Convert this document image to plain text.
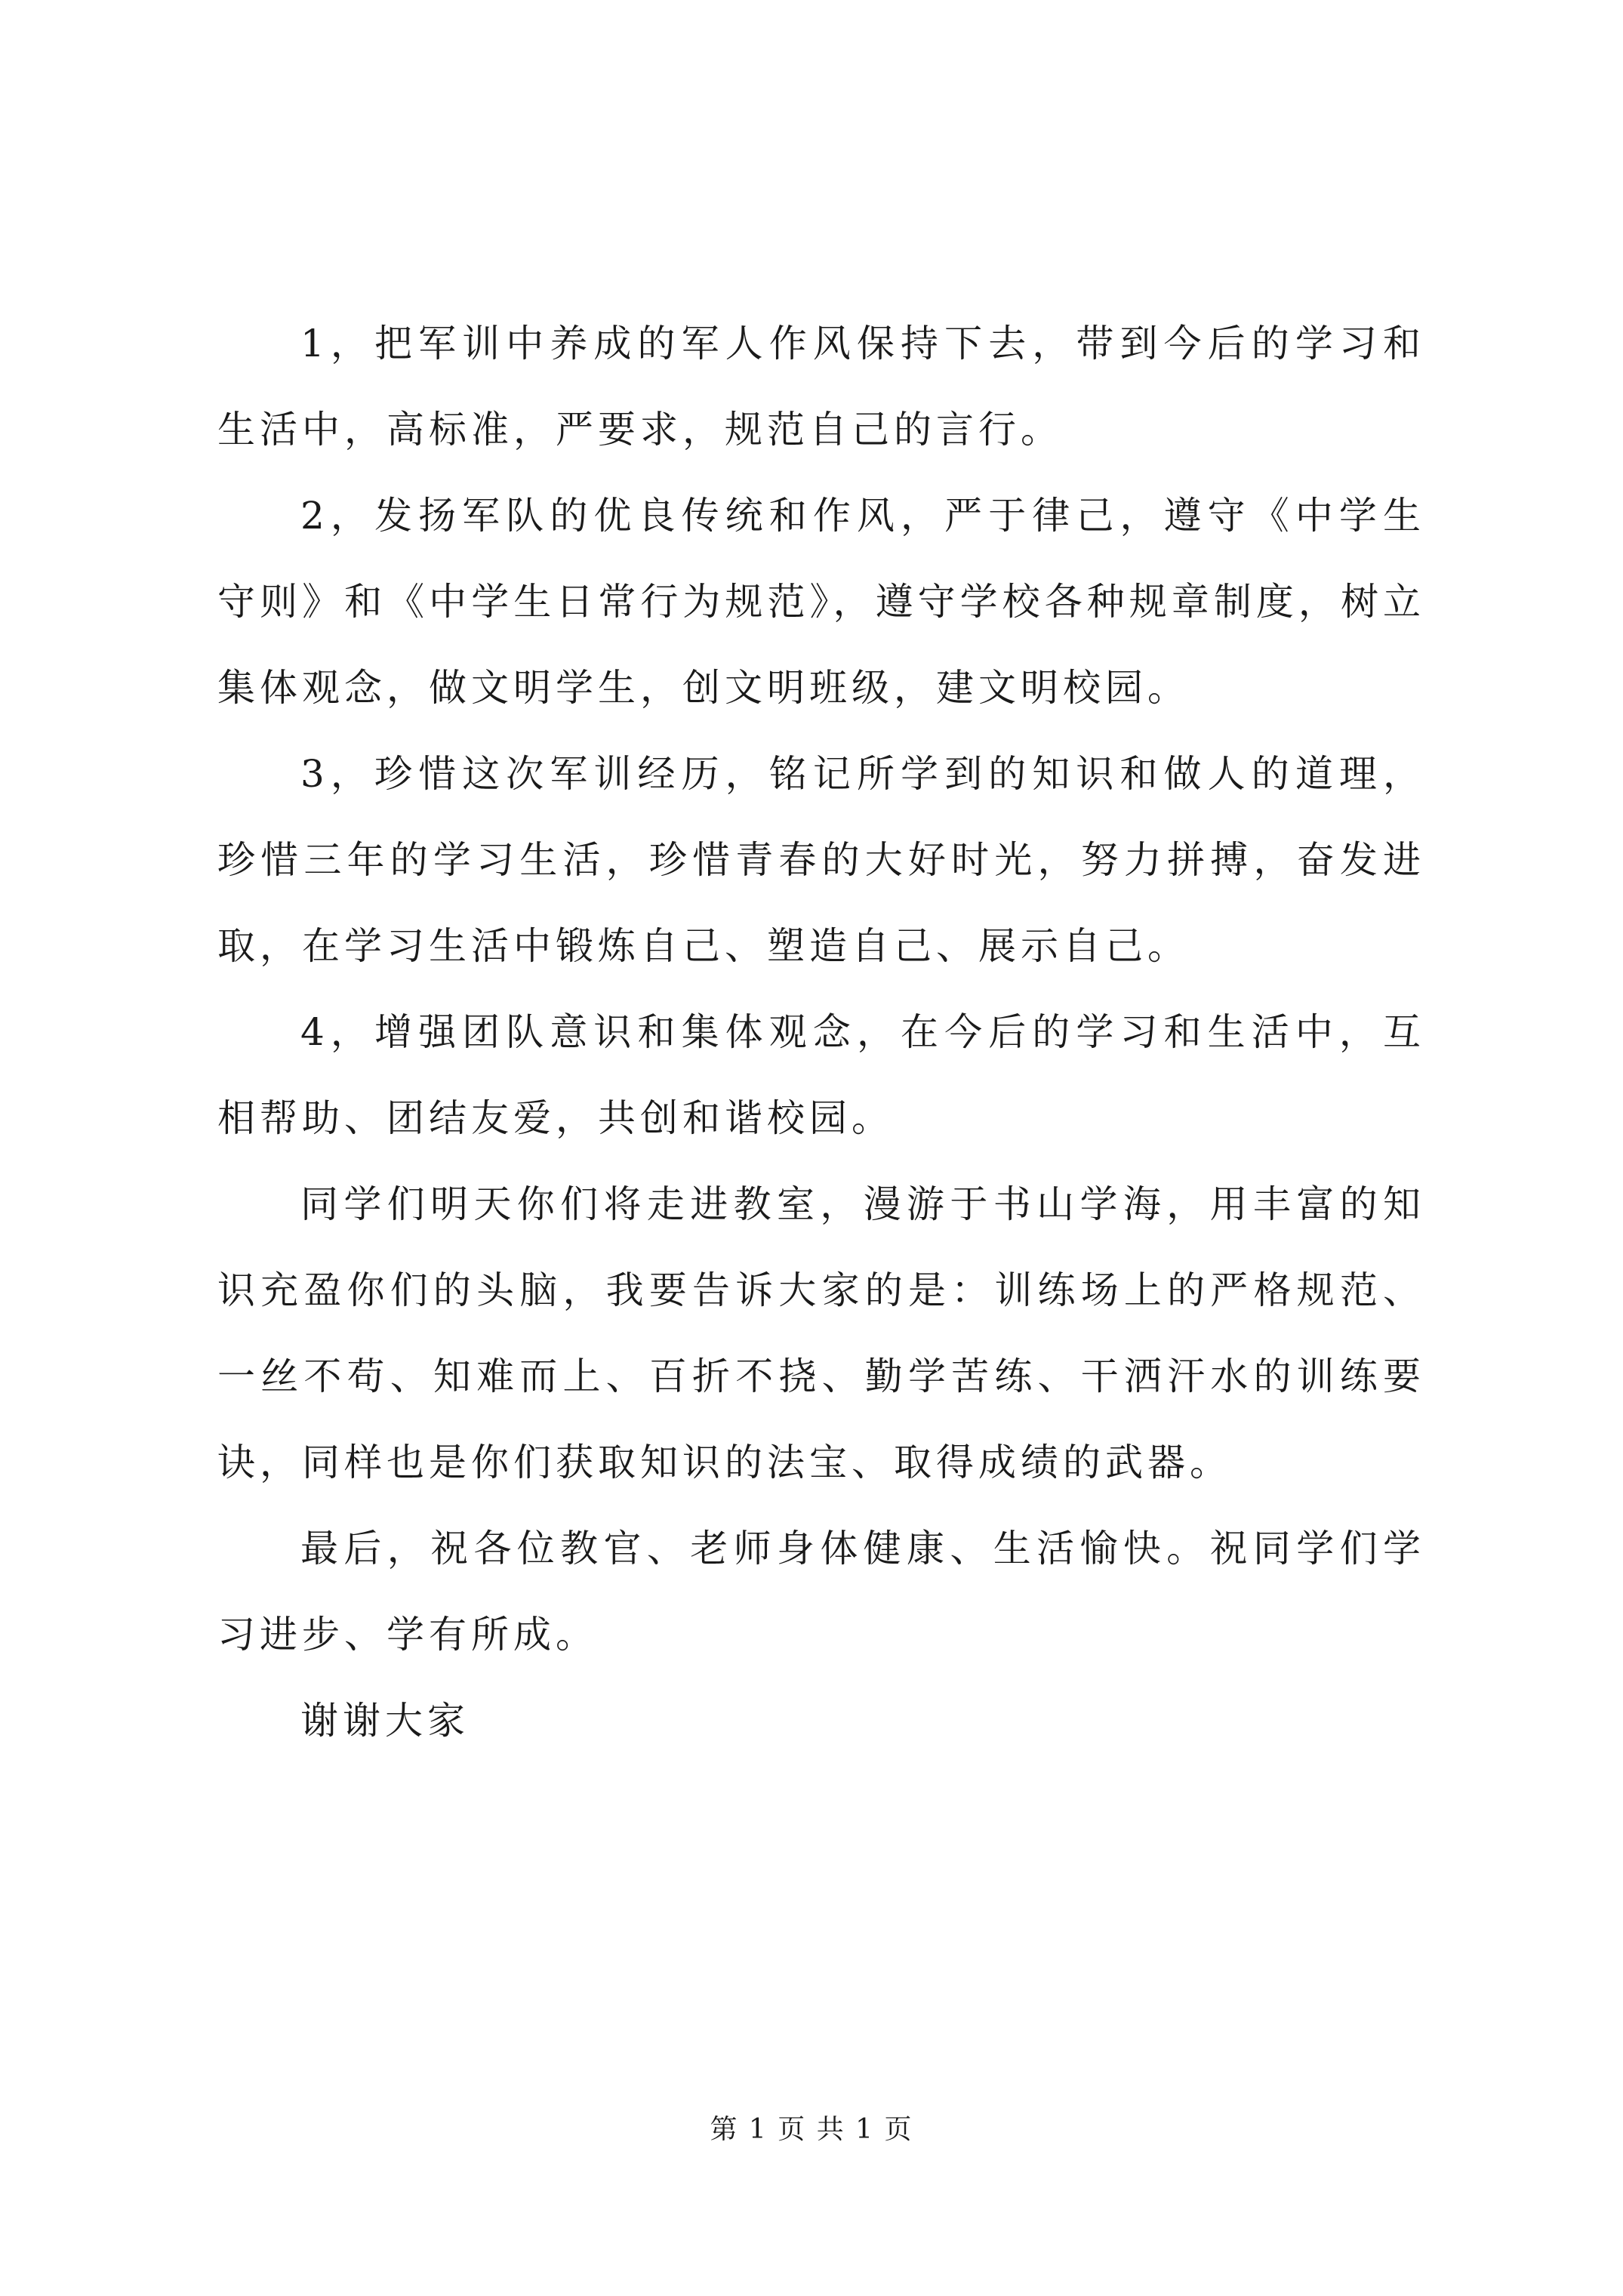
1，把军训中养成的军人作风保持下去，带到今后的学习和生活中，高标准，严要求，规范自己的言行。

2，发扬军队的优良传统和作风，严于律己，遵守《中学生守则》和《中学生日常行为规范》，遵守学校各种规章制度，树立集体观念，做文明学生，创文明班级，建文明校园。

3，珍惜这次军训经历，铭记所学到的知识和做人的道理，珍惜三年的学习生活，珍惜青春的大好时光，努力拼搏，奋发进取，在学习生活中锻炼自己、塑造自己、展示自己。

4，增强团队意识和集体观念，在今后的学习和生活中，互相帮助、团结友爱，共创和谐校园。

同学们明天你们将走进教室，漫游于书山学海，用丰富的知识充盈你们的头脑，我要告诉大家的是：训练场上的严格规范、一丝不苟、知难而上、百折不挠、勤学苦练、干洒汗水的训练要诀，同样也是你们获取知识的法宝、取得成绩的武器。

最后，祝各位教官、老师身体健康、生活愉快。祝同学们学习进步、学有所成。

谢谢大家

第 1 页 共 1 页
